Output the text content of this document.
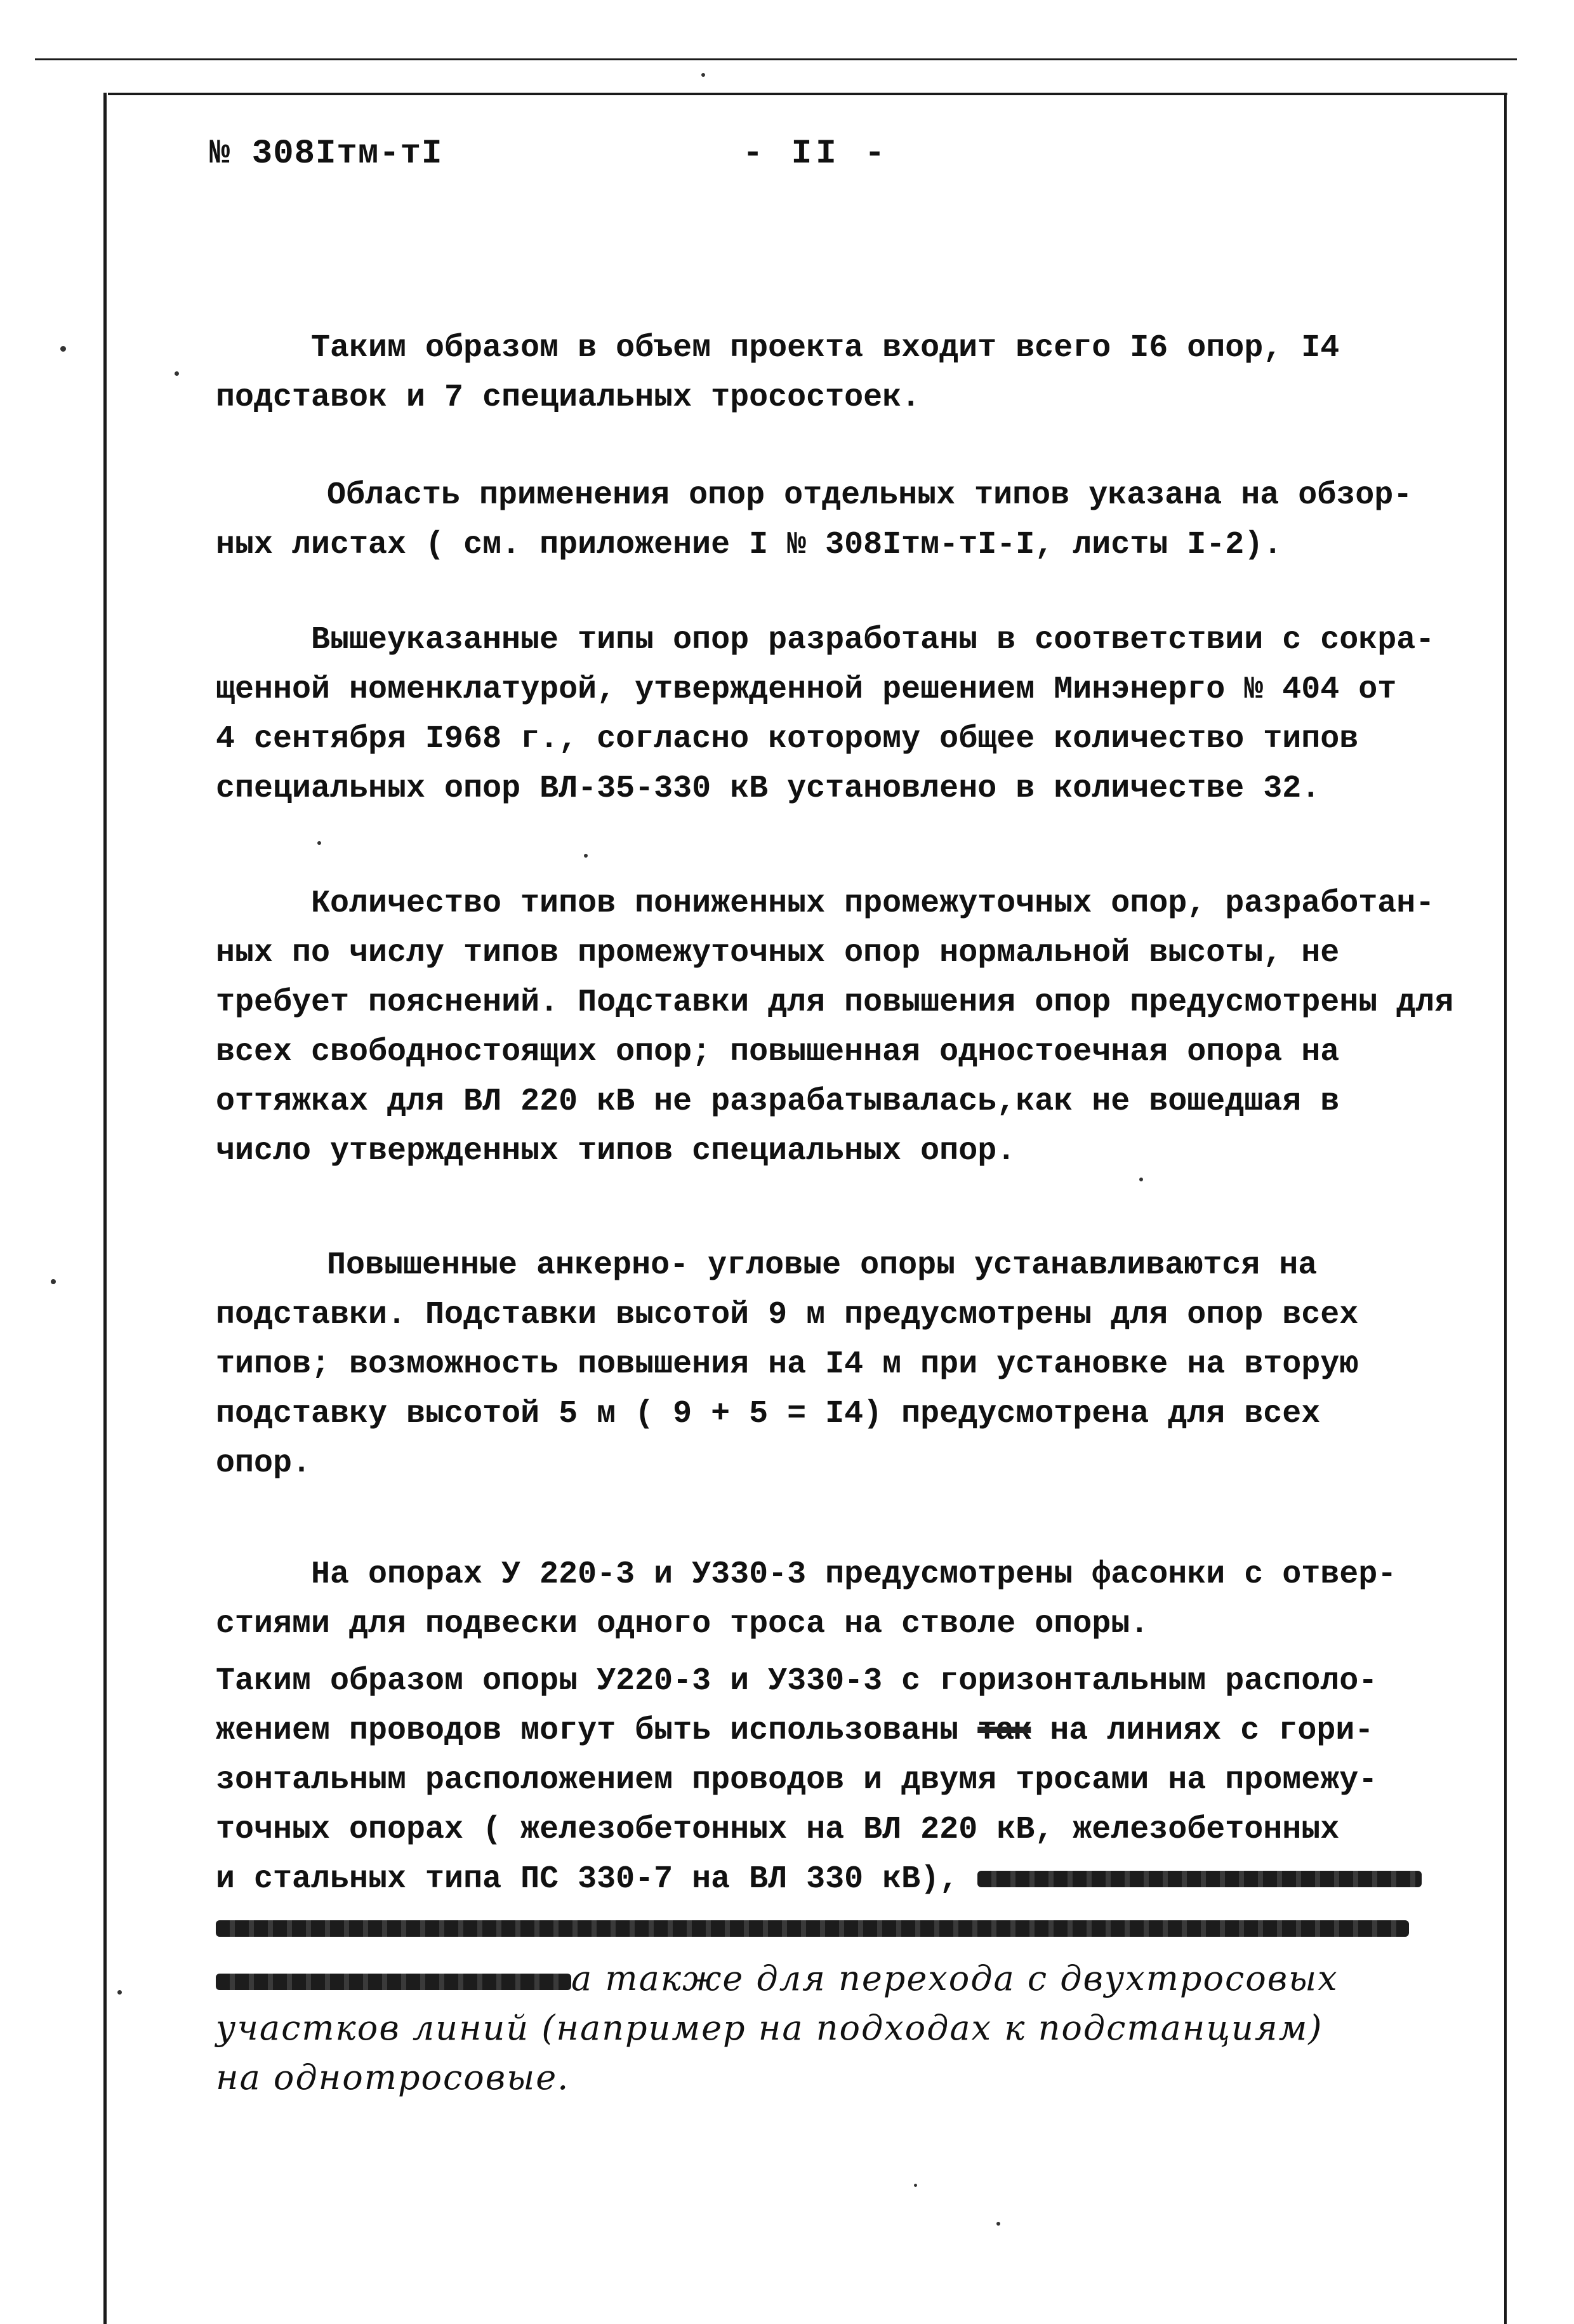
№ 308Iтм-тI	- II -
Таким образом в объем проекта входит всего I6 опор, I4
подставок и 7 специальных тросостоек.
Область применения опор отдельных типов указана на обзор-
ных листах ( см. приложение I № 308Iтм-тI-I, листы I-2).
Вышеуказанные типы опор разработаны в соответствии с сокра-
щенной номенклатурой, утвержденной решением Минэнерго № 404 от
4 сентября I968 г., согласно которому общее количество типов
специальных опор ВЛ-35-330 кВ установлено в количестве 32.
Количество типов пониженных промежуточных опор, разработан-
ных по числу типов промежуточных опор нормальной высоты, не
требует пояснений. Подставки для повышения опор предусмотрены для
всех свободностоящих опор; повышенная одностоечная опора на
оттяжках для ВЛ 220 кВ не разрабатывалась,как не вошедшая в
число утвержденных типов специальных опор.
Повышенные анкерно- угловые опоры устанавливаются на
подставки. Подставки высотой 9 м предусмотрены для опор всех
типов; возможность повышения на I4 м при установке на вторую
подставку высотой 5 м ( 9 + 5 = I4) предусмотрена для всех
опор.
На опорах У 220-3 и У330-3 предусмотрены фасонки с отвер-
стиями для подвески одного троса на стволе опоры.
Таким образом опоры У220-3 и У330-3 с горизонтальным располо-
жением проводов могут быть использованы так на линиях с гори-
зонтальным расположением проводов и двумя тросами на промежу-
точных опорах ( железобетонных на ВЛ 220 кВ, железобетонных
и стальных типа ПС 330-7 на ВЛ 330 кВ),
а также для перехода с двухтросовых
участков линий (например на подходах к подстанциям)
на однотросовые.
